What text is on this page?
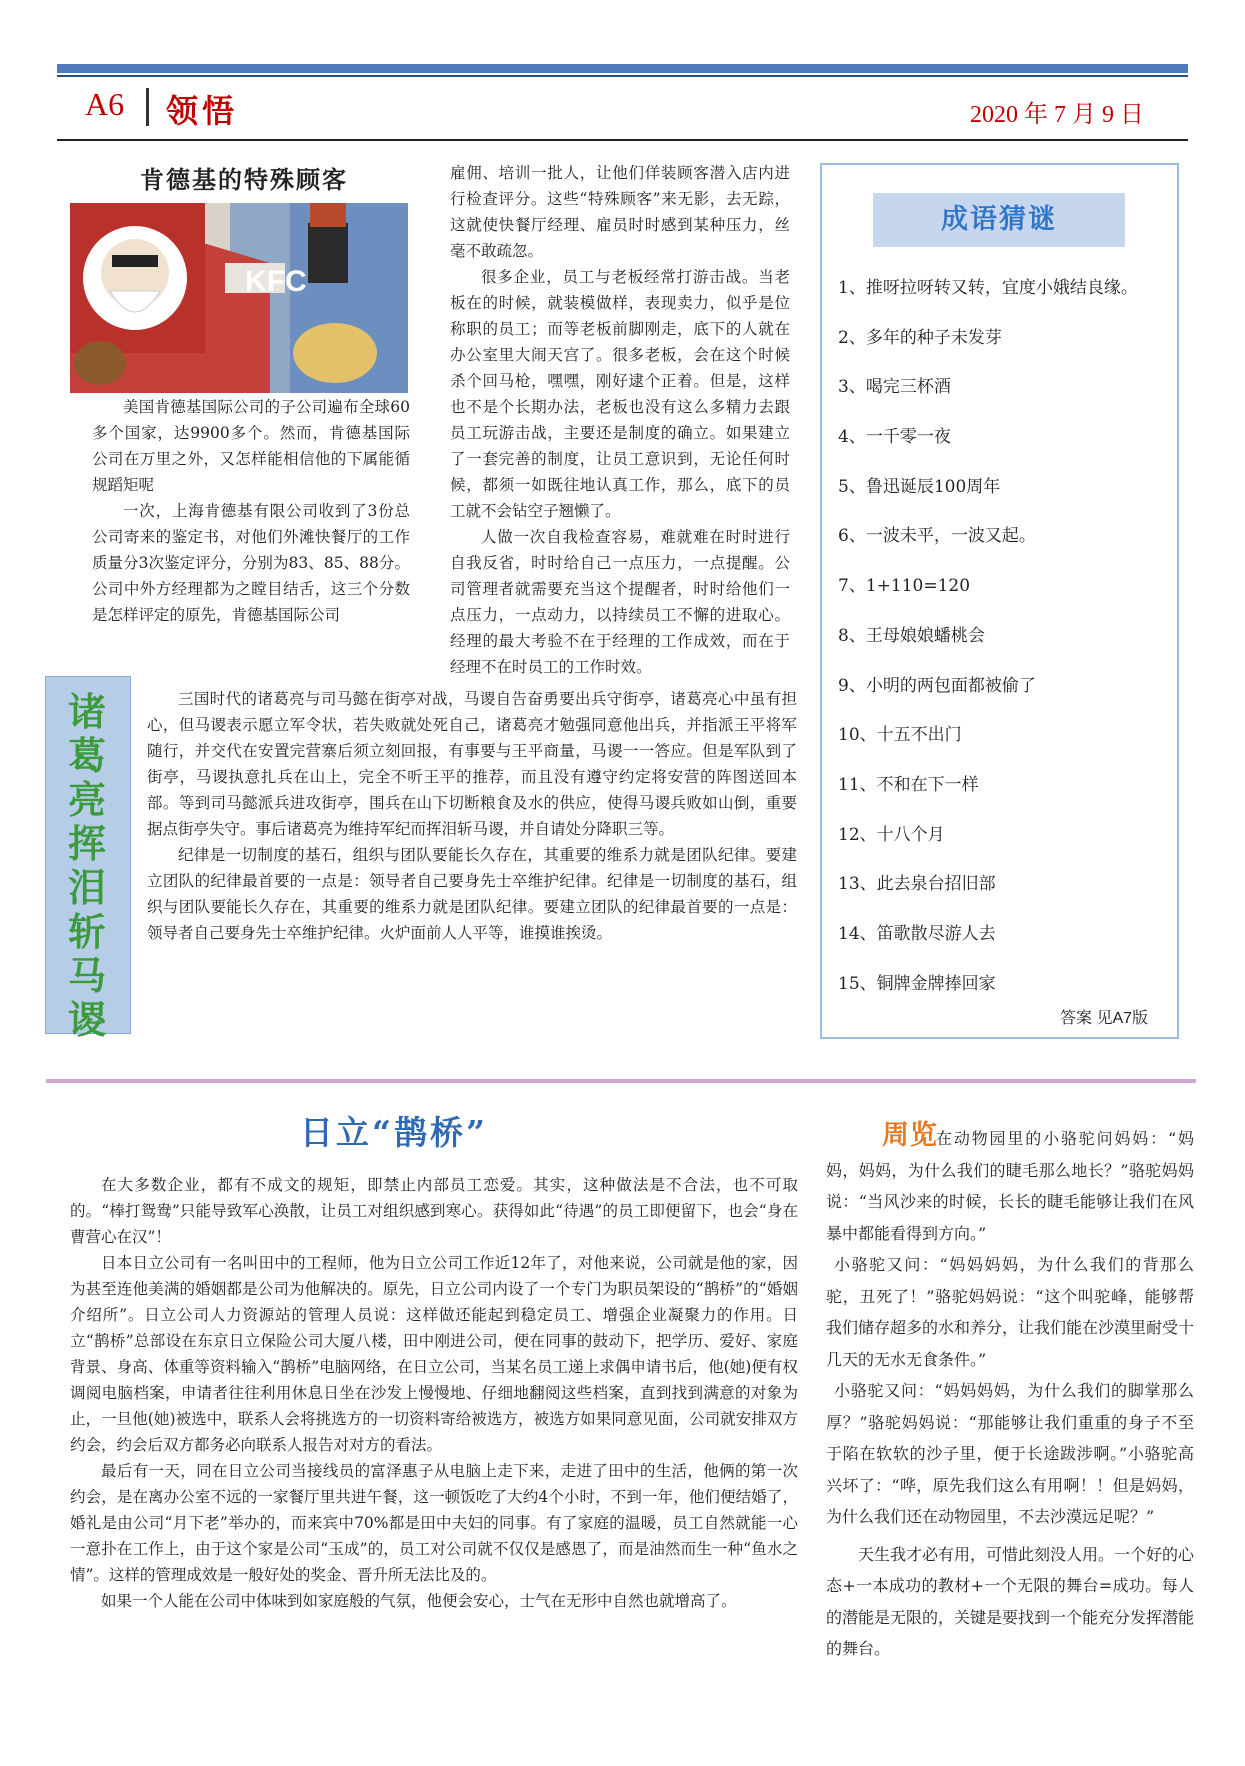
A6 领悟	2020 年 7 月 9 日
肯德基的特殊顾客
KFC

美国肯德基国际公司的子公司遍布全球60多个国家，达9900多个。然而，肯德基国际公司在万里之外，又怎样能相信他的下属能循规蹈矩呢

一次，上海肯德基有限公司收到了3份总公司寄来的鉴定书，对他们外滩快餐厅的工作质量分3次鉴定评分，分别为83、85、88分。公司中外方经理都为之瞠目结舌，这三个分数是怎样评定的原先，肯德基国际公司

雇佣、培训一批人，让他们佯装顾客潜入店内进行检查评分。这些“特殊顾客”来无影，去无踪，这就使快餐厅经理、雇员时时感到某种压力，丝毫不敢疏忽。

很多企业，员工与老板经常打游击战。当老板在的时候，就装模做样，表现卖力，似乎是位称职的员工；而等老板前脚刚走，底下的人就在办公室里大闹天宫了。很多老板，会在这个时候杀个回马枪，嘿嘿，刚好逮个正着。但是，这样也不是个长期办法，老板也没有这么多精力去跟员工玩游击战，主要还是制度的确立。如果建立了一套完善的制度，让员工意识到，无论任何时候，都须一如既往地认真工作，那么，底下的员工就不会钻空子翘懒了。

人做一次自我检查容易，难就难在时时进行自我反省，时时给自己一点压力，一点提醒。公司管理者就需要充当这个提醒者，时时给他们一点压力，一点动力，以持续员工不懈的进取心。经理的最大考验不在于经理的工作成效，而在于经理不在时员工的工作时效。

成语猜谜
1、推呀拉呀转又转，宜度小娥结良缘。
2、多年的种子未发芽
3、喝完三杯酒
4、一千零一夜
5、鲁迅诞辰100周年
6、一波未平，一波又起。
7、1+110=120
8、王母娘娘蟠桃会
9、小明的两包面都被偷了
10、十五不出门
11、不和在下一样
12、十八个月
13、此去泉台招旧部
14、笛歌散尽游人去
15、铜牌金牌捧回家
答案 见A7版
诸
葛
亮
挥
泪
斩
马
谡

三国时代的诸葛亮与司马懿在街亭对战，马谡自告奋勇要出兵守街亭，诸葛亮心中虽有担心，但马谡表示愿立军令状，若失败就处死自己，诸葛亮才勉强同意他出兵，并指派王平将军随行，并交代在安置完营寨后须立刻回报，有事要与王平商量，马谡一一答应。但是军队到了街亭，马谡执意扎兵在山上，完全不听王平的推荐，而且没有遵守约定将安营的阵图送回本部。等到司马懿派兵进攻街亭，围兵在山下切断粮食及水的供应，使得马谡兵败如山倒，重要据点街亭失守。事后诸葛亮为维持军纪而挥泪斩马谡，并自请处分降职三等。

纪律是一切制度的基石，组织与团队要能长久存在，其重要的维系力就是团队纪律。要建立团队的纪律最首要的一点是：领导者自己要身先士卒维护纪律。纪律是一切制度的基石，组织与团队要能长久存在，其重要的维系力就是团队纪律。要建立团队的纪律最首要的一点是：领导者自己要身先士卒维护纪律。火炉面前人人平等，谁摸谁挨烫。

日立“鹊桥”

在大多数企业，都有不成文的规矩，即禁止内部员工恋爱。其实，这种做法是不合法，也不可取的。“棒打鸳鸯”只能导致军心涣散，让员工对组织感到寒心。获得如此“待遇”的员工即便留下，也会“身在曹营心在汉”！

日本日立公司有一名叫田中的工程师，他为日立公司工作近12年了，对他来说，公司就是他的家，因为甚至连他美满的婚姻都是公司为他解决的。原先，日立公司内设了一个专门为职员架设的“鹊桥”的“婚姻介绍所”。日立公司人力资源站的管理人员说：这样做还能起到稳定员工、增强企业凝聚力的作用。日立“鹊桥”总部设在东京日立保险公司大厦八楼，田中刚进公司，便在同事的鼓动下，把学历、爱好、家庭背景、身高、体重等资料输入“鹊桥”电脑网络，在日立公司，当某名员工递上求偶申请书后，他(她)便有权调阅电脑档案，申请者往往利用休息日坐在沙发上慢慢地、仔细地翻阅这些档案，直到找到满意的对象为止，一旦他(她)被选中，联系人会将挑选方的一切资料寄给被选方，被选方如果同意见面，公司就安排双方约会，约会后双方都务必向联系人报告对对方的看法。

最后有一天，同在日立公司当接线员的富泽惠子从电脑上走下来，走进了田中的生活，他俩的第一次约会，是在离办公室不远的一家餐厅里共进午餐，这一顿饭吃了大约4个小时，不到一年，他们便结婚了，婚礼是由公司“月下老”举办的，而来宾中70%都是田中夫妇的同事。有了家庭的温暖，员工自然就能一心一意扑在工作上，由于这个家是公司“玉成”的，员工对公司就不仅仅是感恩了，而是油然而生一种“鱼水之情”。这样的管理成效是一般好处的奖金、晋升所无法比及的。

如果一个人能在公司中体味到如家庭般的气氛，他便会安心，士气在无形中自然也就增高了。

周览

在动物园里的小骆驼问妈妈：“妈妈，妈妈，为什么我们的睫毛那么地长？”骆驼妈妈说：“当风沙来的时候，长长的睫毛能够让我们在风暴中都能看得到方向。”

小骆驼又问：“妈妈妈妈，为什么我们的背那么驼，丑死了！”骆驼妈妈说：“这个叫驼峰，能够帮我们储存超多的水和养分，让我们能在沙漠里耐受十几天的无水无食条件。”

小骆驼又问：“妈妈妈妈，为什么我们的脚掌那么厚？”骆驼妈妈说：“那能够让我们重重的身子不至于陷在软软的沙子里，便于长途跋涉啊。”小骆驼高兴坏了：“哗，原先我们这么有用啊！！但是妈妈，为什么我们还在动物园里，不去沙漠远足呢？”

天生我才必有用，可惜此刻没人用。一个好的心态+一本成功的教材+一个无限的舞台=成功。每人的潜能是无限的，关键是要找到一个能充分发挥潜能的舞台。
